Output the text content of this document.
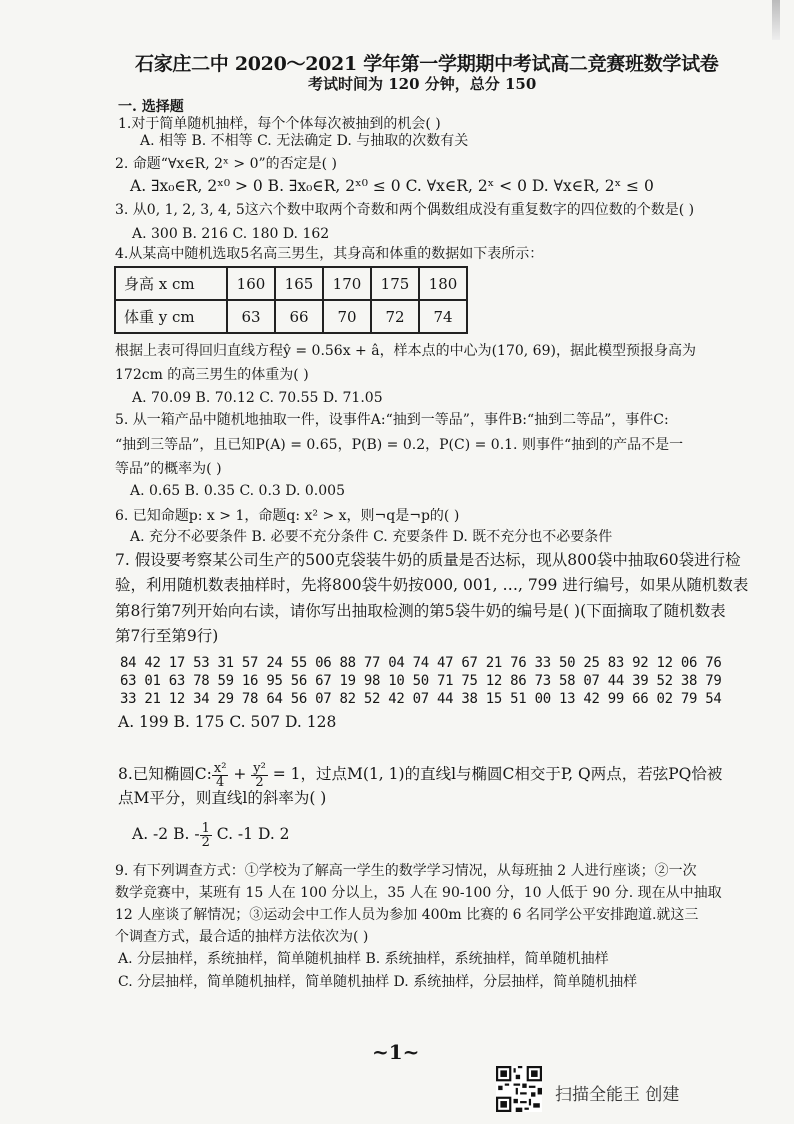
石家庄二中 2020～2021 学年第一学期期中考试高二竞赛班数学试卷
考试时间为 120 分钟，总分 150
一. 选择题
1.对于简单随机抽样，每个个体每次被抽到的机会( )
A. 相等 B. 不相等 C. 无法确定 D. 与抽取的次数有关
2. 命题“∀x∈R, 2ˣ > 0”的否定是( )
A. ∃x₀∈R, 2ˣ⁰ > 0 B. ∃x₀∈R, 2ˣ⁰ ≤ 0 C. ∀x∈R, 2ˣ < 0 D. ∀x∈R, 2ˣ ≤ 0
3. 从0, 1, 2, 3, 4, 5这六个数中取两个奇数和两个偶数组成没有重复数字的四位数的个数是( )
A. 300 B. 216 C. 180 D. 162
4.从某高中随机选取5名高三男生，其身高和体重的数据如下表所示：
身高 x cm	160	165	170	175	180
体重 y cm	63	66	70	72	74
根据上表可得回归直线方程ŷ = 0.56x + â，样本点的中心为(170, 69)，据此模型预报身高为
172cm 的高三男生的体重为( )
A. 70.09 B. 70.12 C. 70.55 D. 71.05
5. 从一箱产品中随机地抽取一件，设事件A:“抽到一等品”，事件B:“抽到二等品”，事件C:
“抽到三等品”，且已知P(A) = 0.65，P(B) = 0.2，P(C) = 0.1. 则事件“抽到的产品不是一
等品”的概率为( )
A. 0.65 B. 0.35 C. 0.3 D. 0.005
6. 已知命题p: x > 1，命题q: x² > x，则¬q是¬p的( )
A. 充分不必要条件 B. 必要不充分条件 C. 充要条件 D. 既不充分也不必要条件
7. 假设要考察某公司生产的500克袋装牛奶的质量是否达标，现从800袋中抽取60袋进行检
验，利用随机数表抽样时，先将800袋牛奶按000, 001, …, 799 进行编号，如果从随机数表
第8行第7列开始向右读，请你写出抽取检测的第5袋牛奶的编号是( )(下面摘取了随机数表
第7行至第9行)
84 42 17 53 31 57 24 55 06 88 77 04 74 47 67 21 76 33 50 25 83 92 12 06 76
63 01 63 78 59 16 95 56 67 19 98 10 50 71 75 12 86 73 58 07 44 39 52 38 79
33 21 12 34 29 78 64 56 07 82 52 42 07 44 38 15 51 00 13 42 99 66 02 79 54
A. 199 B. 175 C. 507 D. 128
8.已知椭圆C: $\frac{\text{x²}}{4} + \frac{\text{y²}}{2} = 1$，过点M(1, 1)的直线l与椭圆C相交于P, Q两点，若弦PQ恰被
点M平分，则直线l的斜率为( )
A. -2 B. - $\frac{1}{2} C$. -1 D. 2
9. 有下列调查方式：①学校为了解高一学生的数学学习情况，从每班抽 2 人进行座谈；②一次
数学竞赛中，某班有 15 人在 100 分以上，35 人在 90-100 分，10 人低于 90 分. 现在从中抽取
12 人座谈了解情况；③运动会中工作人员为参加 400m 比赛的 6 名同学公平安排跑道.就这三
个调查方式，最合适的抽样方法依次为( )
A. 分层抽样，系统抽样，简单随机抽样 B. 系统抽样，系统抽样，简单随机抽样
C. 分层抽样，简单随机抽样，简单随机抽样 D. 系统抽样，分层抽样，简单随机抽样
~1~
扫描全能王 创建
